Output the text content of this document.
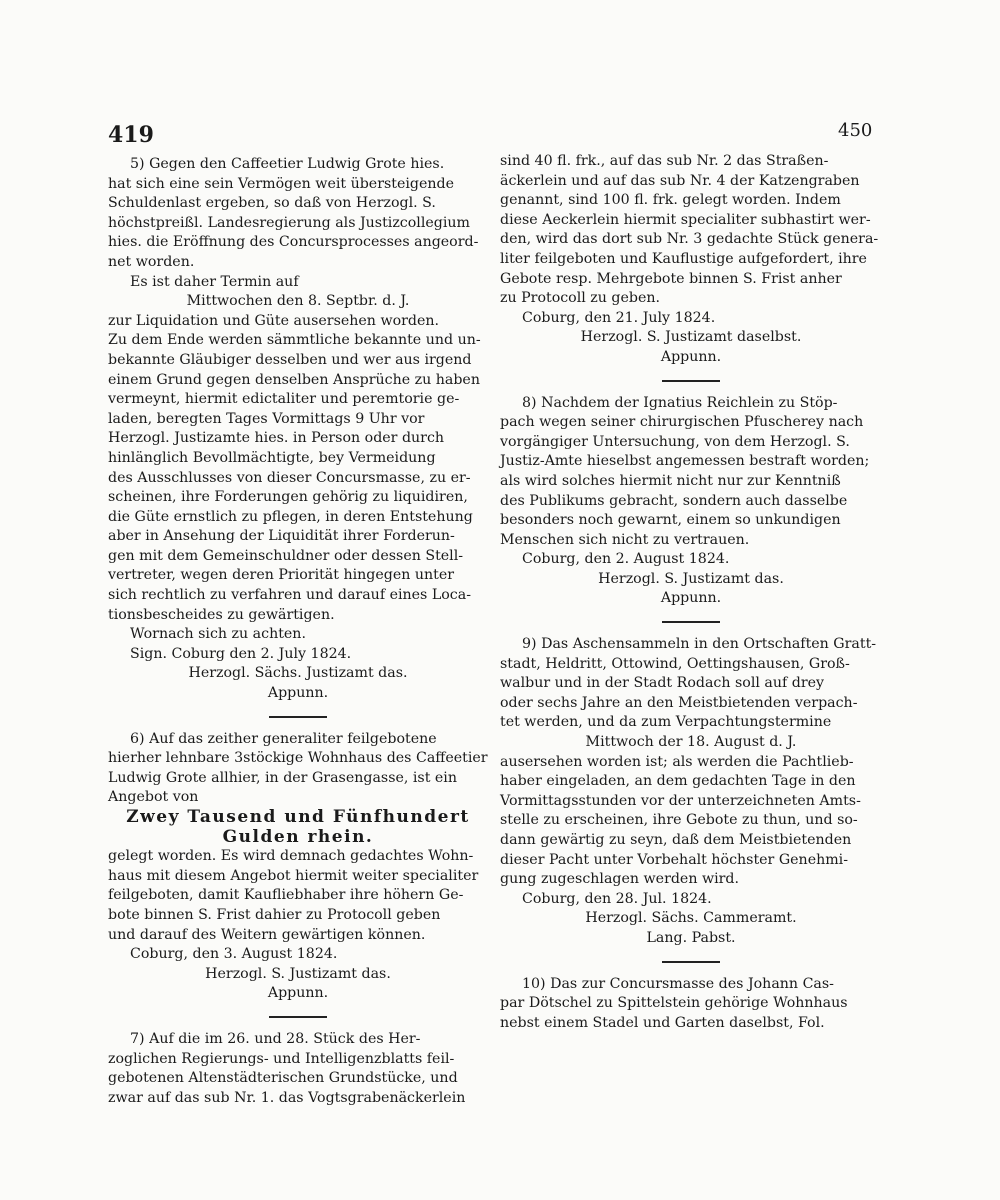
419	450
5) Gegen den Caffeetier Ludwig Grote hies.
hat sich eine sein Vermögen weit übersteigende
Schuldenlast ergeben, so daß von Herzogl. S.
höchstpreißl. Landesregierung als Justizcollegium
hies. die Eröffnung des Concursprocesses angeord-
net worden.
Es ist daher Termin auf
Mittwochen den 8. Septbr. d. J.
zur Liquidation und Güte ausersehen worden.
Zu dem Ende werden sämmtliche bekannte und un-
bekannte Gläubiger desselben und wer aus irgend
einem Grund gegen denselben Ansprüche zu haben
vermeynt, hiermit edictaliter und peremtorie ge-
laden, beregten Tages Vormittags 9 Uhr vor
Herzogl. Justizamte hies. in Person oder durch
hinlänglich Bevollmächtigte, bey Vermeidung
des Ausschlusses von dieser Concursmasse, zu er-
scheinen, ihre Forderungen gehörig zu liquidiren,
die Güte ernstlich zu pflegen, in deren Entstehung
aber in Ansehung der Liquidität ihrer Forderun-
gen mit dem Gemeinschuldner oder dessen Stell-
vertreter, wegen deren Priorität hingegen unter
sich rechtlich zu verfahren und darauf eines Loca-
tionsbescheides zu gewärtigen.
Wornach sich zu achten.
Sign. Coburg den 2. July 1824.
Herzogl. Sächs. Justizamt das.
Appunn.
6) Auf das zeither generaliter feilgebotene
hierher lehnbare 3stöckige Wohnhaus des Caffeetier
Ludwig Grote allhier, in der Grasengasse, ist ein
Angebot von
Zwey Tausend und Fünfhundert
Gulden rhein.
gelegt worden. Es wird demnach gedachtes Wohn-
haus mit diesem Angebot hiermit weiter specialiter
feilgeboten, damit Kaufliebhaber ihre höhern Ge-
bote binnen S. Frist dahier zu Protocoll geben
und darauf des Weitern gewärtigen können.
Coburg, den 3. August 1824.
Herzogl. S. Justizamt das.
Appunn.
7) Auf die im 26. und 28. Stück des Her-
zoglichen Regierungs- und Intelligenzblatts feil-
gebotenen Altenstädterischen Grundstücke, und
zwar auf das sub Nr. 1. das Vogtsgrabenäckerlein
sind 40 fl. frk., auf das sub Nr. 2 das Straßen-
äckerlein und auf das sub Nr. 4 der Katzengraben
genannt, sind 100 fl. frk. gelegt worden. Indem
diese Aeckerlein hiermit specialiter subhastirt wer-
den, wird das dort sub Nr. 3 gedachte Stück genera-
liter feilgeboten und Kauflustige aufgefordert, ihre
Gebote resp. Mehrgebote binnen S. Frist anher
zu Protocoll zu geben.
Coburg, den 21. July 1824.
Herzogl. S. Justizamt daselbst.
Appunn.
8) Nachdem der Ignatius Reichlein zu Stöp-
pach wegen seiner chirurgischen Pfuscherey nach
vorgängiger Untersuchung, von dem Herzogl. S.
Justiz-Amte hieselbst angemessen bestraft worden;
als wird solches hiermit nicht nur zur Kenntniß
des Publikums gebracht, sondern auch dasselbe
besonders noch gewarnt, einem so unkundigen
Menschen sich nicht zu vertrauen.
Coburg, den 2. August 1824.
Herzogl. S. Justizamt das.
Appunn.
9) Das Aschensammeln in den Ortschaften Gratt-
stadt, Heldritt, Ottowind, Oettingshausen, Groß-
walbur und in der Stadt Rodach soll auf drey
oder sechs Jahre an den Meistbietenden verpach-
tet werden, und da zum Verpachtungstermine
Mittwoch der 18. August d. J.
ausersehen worden ist; als werden die Pachtlieb-
haber eingeladen, an dem gedachten Tage in den
Vormittagsstunden vor der unterzeichneten Amts-
stelle zu erscheinen, ihre Gebote zu thun, und so-
dann gewärtig zu seyn, daß dem Meistbietenden
dieser Pacht unter Vorbehalt höchster Genehmi-
gung zugeschlagen werden wird.
Coburg, den 28. Jul. 1824.
Herzogl. Sächs. Cammeramt.
Lang. Pabst.
10) Das zur Concursmasse des Johann Cas-
par Dötschel zu Spittelstein gehörige Wohnhaus
nebst einem Stadel und Garten daselbst, Fol.
